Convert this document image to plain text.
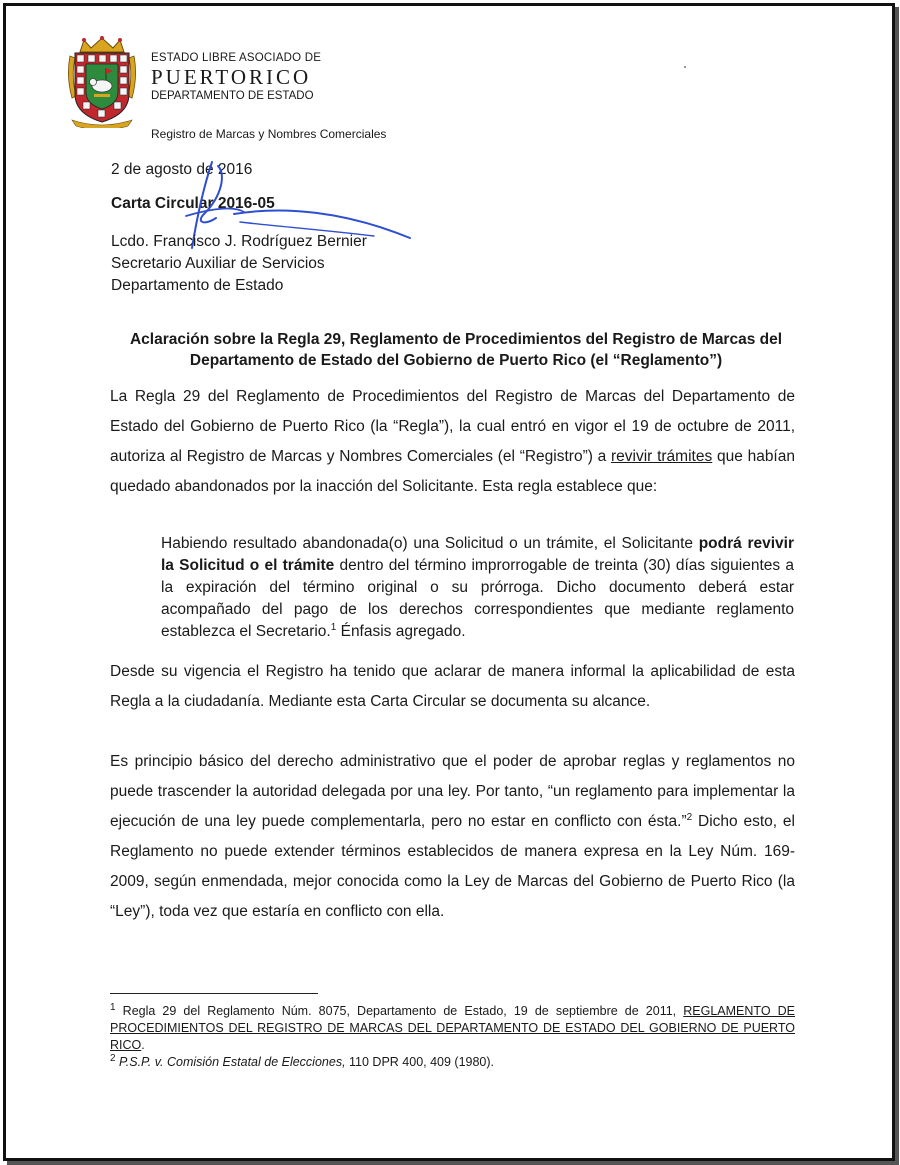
ESTADO LIBRE ASOCIADO DE
PUERTORICO
DEPARTAMENTO DE ESTADO
Registro de Marcas y Nombres Comerciales
2 de agosto de 2016
Carta Circular 2016-05
Lcdo. Francisco J. Rodríguez Bernier
Secretario Auxiliar de Servicios
Departamento de Estado
Aclaración sobre la Regla 29, Reglamento de Procedimientos del Registro de Marcas del
Departamento de Estado del Gobierno de Puerto Rico (el “Reglamento”)
La Regla 29 del Reglamento de Procedimientos del Registro de Marcas del Departamento de Estado del Gobierno de Puerto Rico (la “Regla”), la cual entró en vigor el 19 de octubre de 2011, autoriza al Registro de Marcas y Nombres Comerciales (el “Registro”) a revivir trámites que habían quedado abandonados por la inacción del Solicitante. Esta regla establece que:
Habiendo resultado abandonada(o) una Solicitud o un trámite, el Solicitante podrá revivir la Solicitud o el trámite dentro del término improrrogable de treinta (30) días siguientes a la expiración del término original o su prórroga. Dicho documento deberá estar acompañado del pago de los derechos correspondientes que mediante reglamento establezca el Secretario.$^1$ Énfasis agregado.
Desde su vigencia el Registro ha tenido que aclarar de manera informal la aplicabilidad de esta Regla a la ciudadanía. Mediante esta Carta Circular se documenta su alcance.
Es principio básico del derecho administrativo que el poder de aprobar reglas y reglamentos no puede trascender la autoridad delegada por una ley. Por tanto, “un reglamento para implementar la ejecución de una ley puede complementarla, pero no estar en conflicto con ésta.”$^2$ Dicho esto, el Reglamento no puede extender términos establecidos de manera expresa en la Ley Núm. 169-2009, según enmendada, mejor conocida como la Ley de Marcas del Gobierno de Puerto Rico (la “Ley”), toda vez que estaría en conflicto con ella.
$^1$ Regla 29 del Reglamento Núm. 8075, Departamento de Estado, 19 de septiembre de 2011, REGLAMENTO DE PROCEDIMIENTOS DEL REGISTRO DE MARCAS DEL DEPARTAMENTO DE ESTADO DEL GOBIERNO DE PUERTO RICO.
$^2$ P.S.P. v. Comisión Estatal de Elecciones, 110 DPR 400, 409 (1980).
